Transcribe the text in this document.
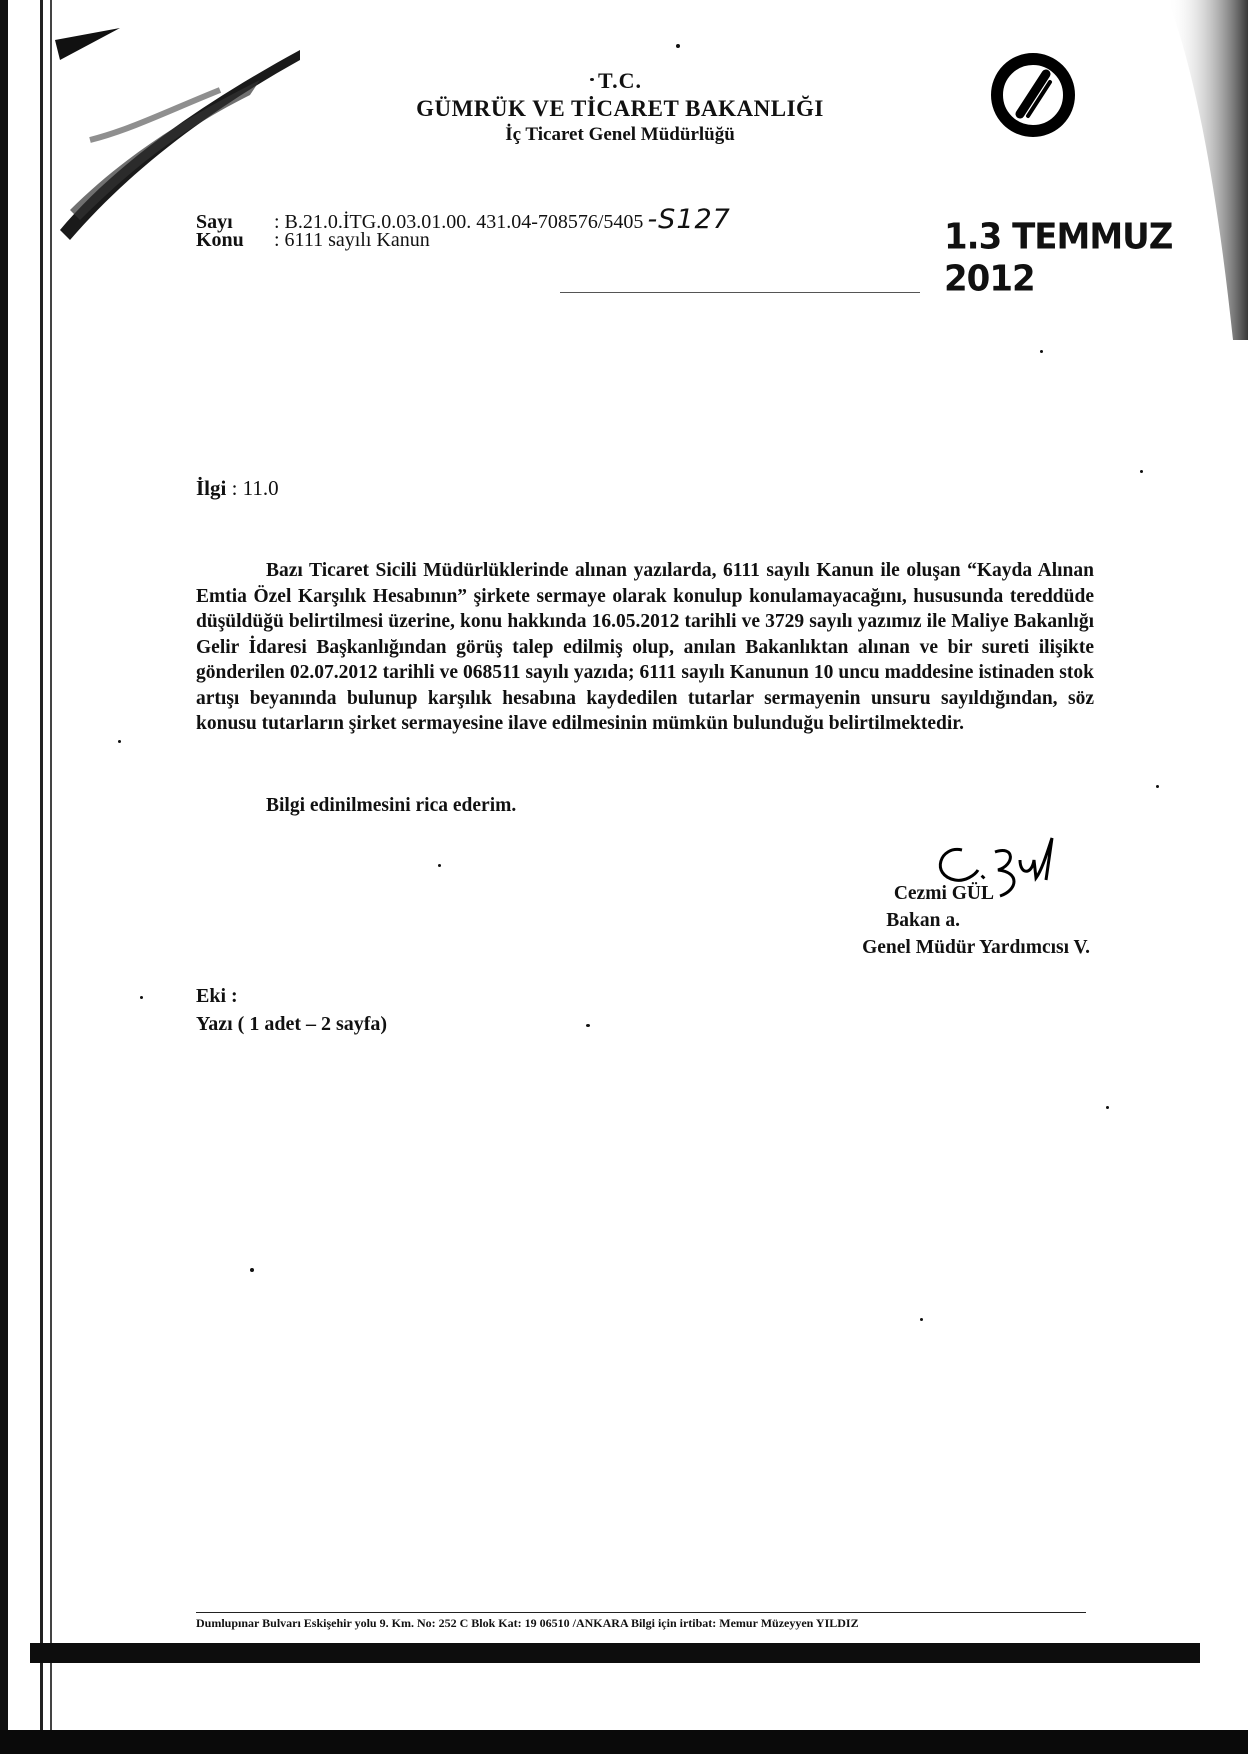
T.C.
GÜMRÜK VE TİCARET BAKANLIĞI
İç Ticaret Genel Müdürlüğü
Sayı : B.21.0.İTG.0.03.01.00. 431.04-708576/5405 -S127
Konu : 6111 sayılı Kanun	1.3 TEMMUZ 2012
İlgi : 11.0
Bazı Ticaret Sicili Müdürlüklerinde alınan yazılarda, 6111 sayılı Kanun ile oluşan “Kayda Alınan Emtia Özel Karşılık Hesabının” şirkete sermaye olarak konulup konulamayacağını, hususunda tereddüde düşüldüğü belirtilmesi üzerine, konu hakkında 16.05.2012 tarihli ve 3729 sayılı yazımız ile Maliye Bakanlığı Gelir İdaresi Başkanlığından görüş talep edilmiş olup, anılan Bakanlıktan alınan ve bir sureti ilişikte gönderilen 02.07.2012 tarihli ve 068511 sayılı yazıda; 6111 sayılı Kanunun 10 uncu maddesine istinaden stok artışı beyanında bulunup karşılık hesabına kaydedilen tutarlar sermayenin unsuru sayıldığından, söz konusu tutarların şirket sermayesine ilave edilmesinin mümkün bulunduğu belirtilmektedir.
Bilgi edinilmesini rica ederim.
Cezmi GÜL
Bakan a.
Genel Müdür Yardımcısı V.
Eki :
Yazı ( 1 adet – 2 sayfa)
Dumlupınar Bulvarı Eskişehir yolu 9. Km. No: 252 C Blok Kat: 19 06510 /ANKARA Bilgi için irtibat: Memur Müzeyyen YILDIZ
